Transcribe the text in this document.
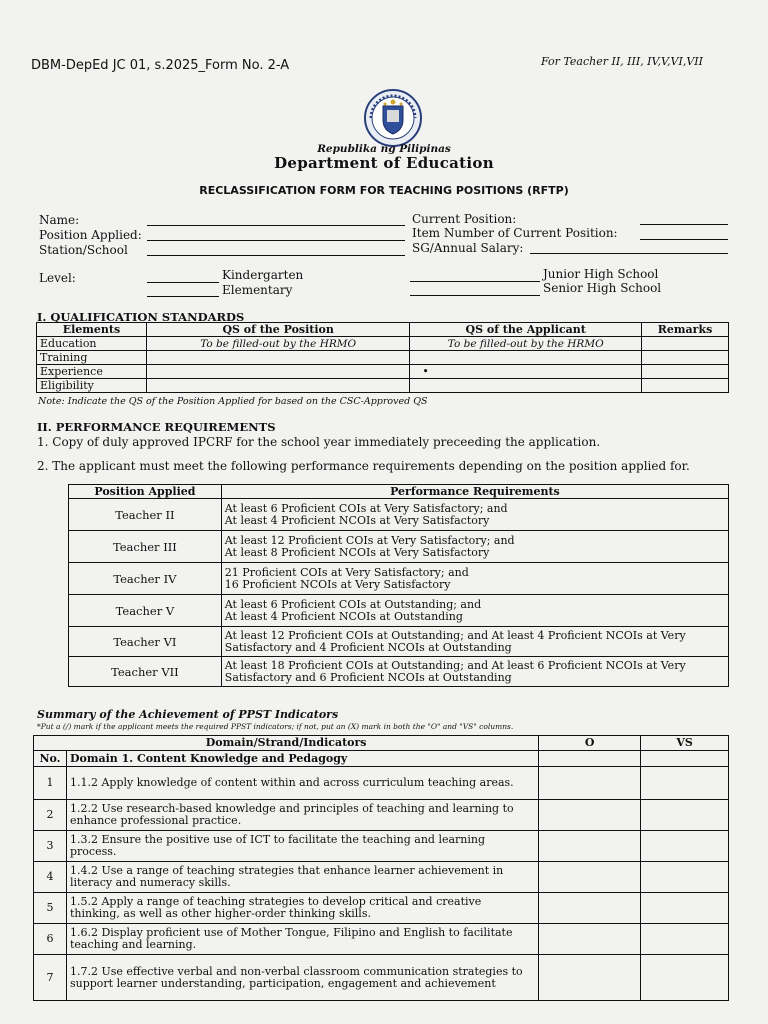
DBM-DepEd JC 01, s.2025_Form No. 2-A	For Teacher II, III, IV,V,VI,VII
Republika ng Pilipinas
Department of Education
RECLASSIFICATION FORM FOR TEACHING POSITIONS (RFTP)
Name:
Position Applied:
Station/School
Current Position:
Item Number of Current Position:
SG/Annual Salary:
Level:	Kindergarten
Elementary
Junior High School
Senior High School
I. QUALIFICATION STANDARDS
Elements	QS of the Position	QS of the Applicant	Remarks
Education	To be filled-out by the HRMO	To be filled-out by the HRMO	
Training			
Experience		•	
Eligibility			
Note: Indicate the QS of the Position Applied for based on the CSC-Approved QS
II. PERFORMANCE REQUIREMENTS
1. Copy of duly approved IPCRF for the school year immediately preceeding the application.
2. The applicant must meet the following performance requirements depending on the position applied for.
Position Applied	Performance Requirements
Teacher II	At least 6 Proficient COIs at Very Satisfactory; and
At least 4 Proficient NCOIs at Very Satisfactory

Teacher III	At least 12 Proficient COIs at Very Satisfactory; and
At least 8 Proficient NCOIs at Very Satisfactory

Teacher IV	21 Proficient COIs at Very Satisfactory; and
16 Proficient NCOIs at Very Satisfactory

Teacher V	At least 6 Proficient COIs at Outstanding; and
At least 4 Proficient NCOIs at Outstanding

Teacher VI	At least 12 Proficient COIs at Outstanding; and At least 4 Proficient NCOIs at Very
Satisfactory and 4 Proficient NCOIs at Outstanding

Teacher VII	At least 18 Proficient COIs at Outstanding; and At least 6 Proficient NCOIs at Very
Satisfactory and 6 Proficient NCOIs at Outstanding
Summary of the Achievement of PPST Indicators
*Put a (/) mark if the applicant meets the required PPST indicators; if not, put an (X) mark in both the "O" and "VS" columns.
Domain/Strand/Indicators		O	VS
No.	Domain 1. Content Knowledge and Pedagogy		
1	1.1.2 Apply knowledge of content within and across curriculum teaching areas.		

2	1.2.2 Use research-based knowledge and principles of teaching and learning to
enhance professional practice.		

3	1.3.2 Ensure the positive use of ICT to facilitate the teaching and learning
process.		

4	1.4.2 Use a range of teaching strategies that enhance learner achievement in
literacy and numeracy skills.		

5	1.5.2 Apply a range of teaching strategies to develop critical and creative
thinking, as well as other higher-order thinking skills.		

6	1.6.2 Display proficient use of Mother Tongue, Filipino and English to facilitate
teaching and learning.		

7	1.7.2 Use effective verbal and non-verbal classroom communication strategies to
support learner understanding, participation, engagement and achievement		
